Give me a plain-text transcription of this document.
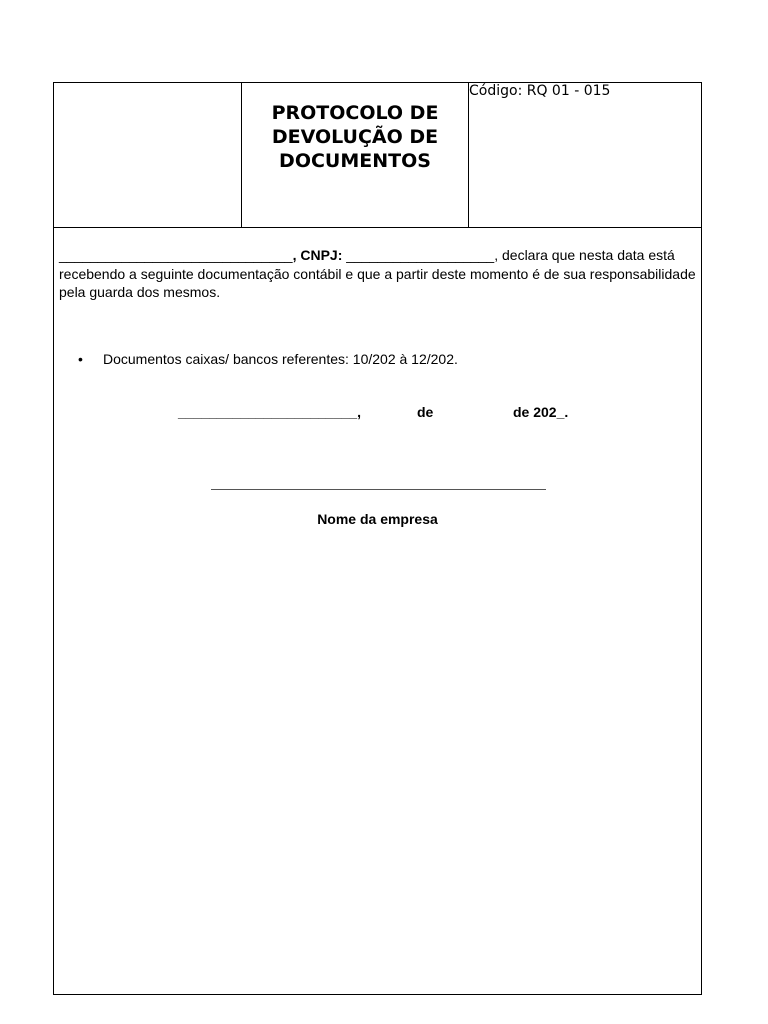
PROTOCOLO DE
DEVOLUÇÃO DE
DOCUMENTOS
Código: RQ 01 - 015
______________________________, CNPJ: ___________________, declara que nesta data está recebendo a seguinte documentação contábil e que a partir deste momento é de sua responsabilidade pela guarda dos mesmos.
•	Documentos caixas/ bancos referentes: 10/202 à 12/202.
_______________________,	de	de 202_.
Nome da empresa
